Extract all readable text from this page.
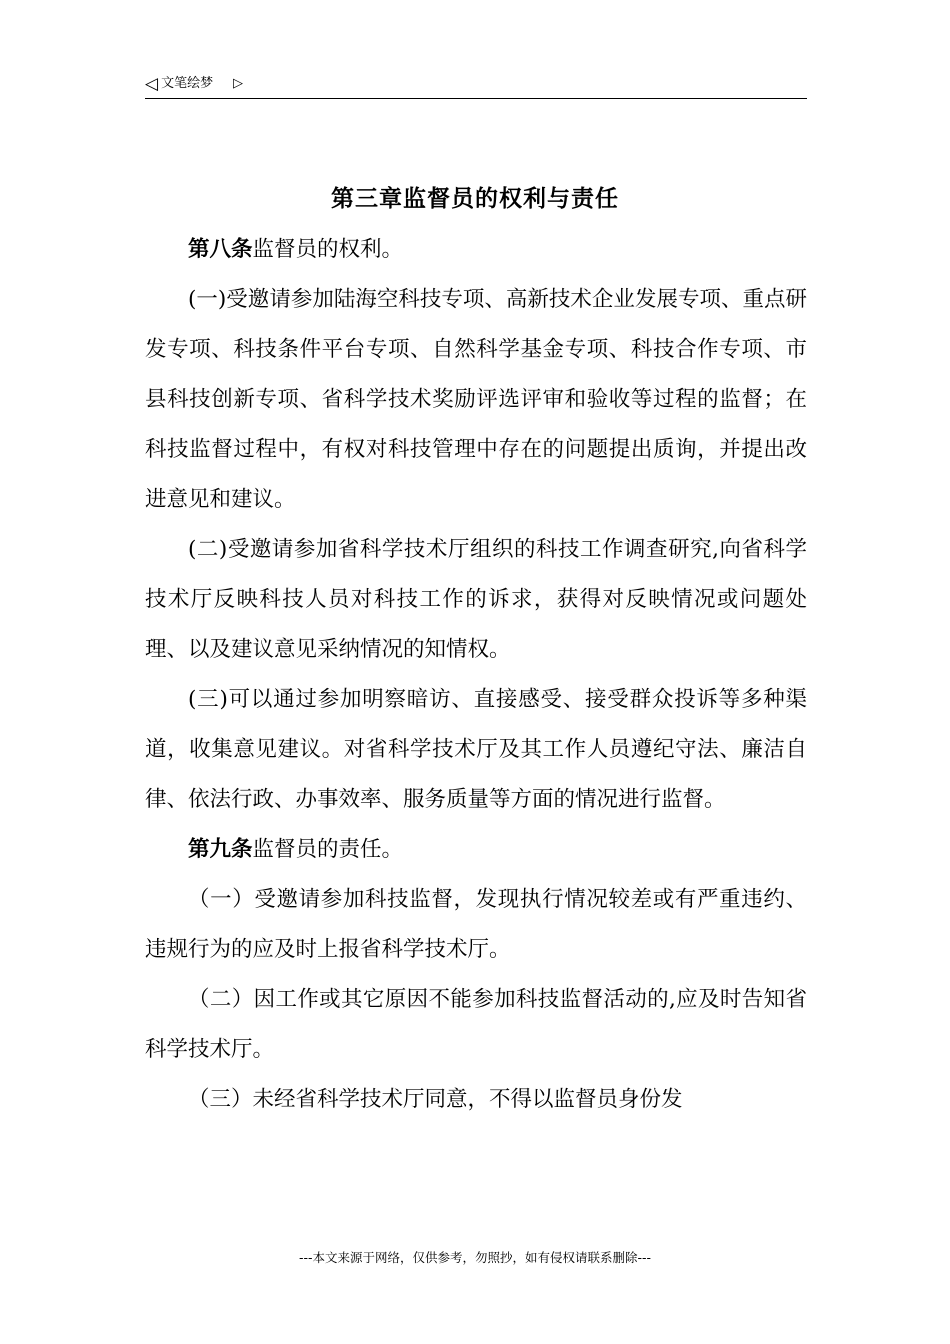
◁ 文笔绘梦 ▷
第三章监督员的权利与责任

第八条监督员的权利。

(一)受邀请参加陆海空科技专项、高新技术企业发展专项、重点研发专项、科技条件平台专项、自然科学基金专项、科技合作专项、市县科技创新专项、省科学技术奖励评选评审和验收等过程的监督；在科技监督过程中，有权对科技管理中存在的问题提出质询，并提出改进意见和建议。

(二)受邀请参加省科学技术厅组织的科技工作调查研究,向省科学技术厅反映科技人员对科技工作的诉求，获得对反映情况或问题处理、以及建议意见采纳情况的知情权。

(三)可以通过参加明察暗访、直接感受、接受群众投诉等多种渠道，收集意见建议。对省科学技术厅及其工作人员遵纪守法、廉洁自律、依法行政、办事效率、服务质量等方面的情况进行监督。

第九条监督员的责任。

（一）受邀请参加科技监督，发现执行情况较差或有严重违约、违规行为的应及时上报省科学技术厅。

（二）因工作或其它原因不能参加科技监督活动的,应及时告知省科学技术厅。

（三）未经省科学技术厅同意，不得以监督员身份发

---本文来源于网络，仅供参考，勿照抄，如有侵权请联系删除---
